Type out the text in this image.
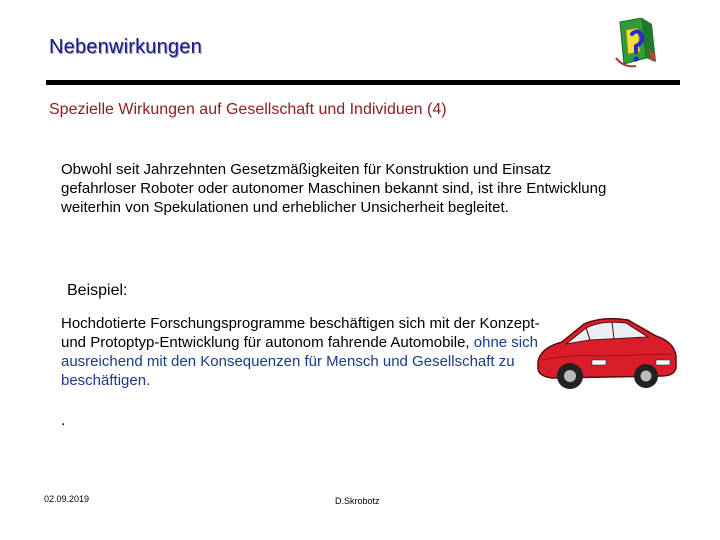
Nebenwirkungen
Spezielle Wirkungen auf Gesellschaft und Individuen (4)
Obwohl seit Jahrzehnten Gesetzmäßigkeiten für Konstruktion und Einsatz gefahrloser Roboter oder autonomer Maschinen bekannt sind, ist ihre Entwicklung weiterhin von Spekulationen und erheblicher Unsicherheit begleitet.
Beispiel:
Hochdotierte Forschungsprogramme beschäftigen sich mit der Konzept- und Protoptyp-Entwicklung für autonom fahrende Automobile, ohne sich ausreichend mit den Konsequenzen für Mensch und Gesellschaft zu beschäftigen.
.
02.09.2019	D.Skrobotz
